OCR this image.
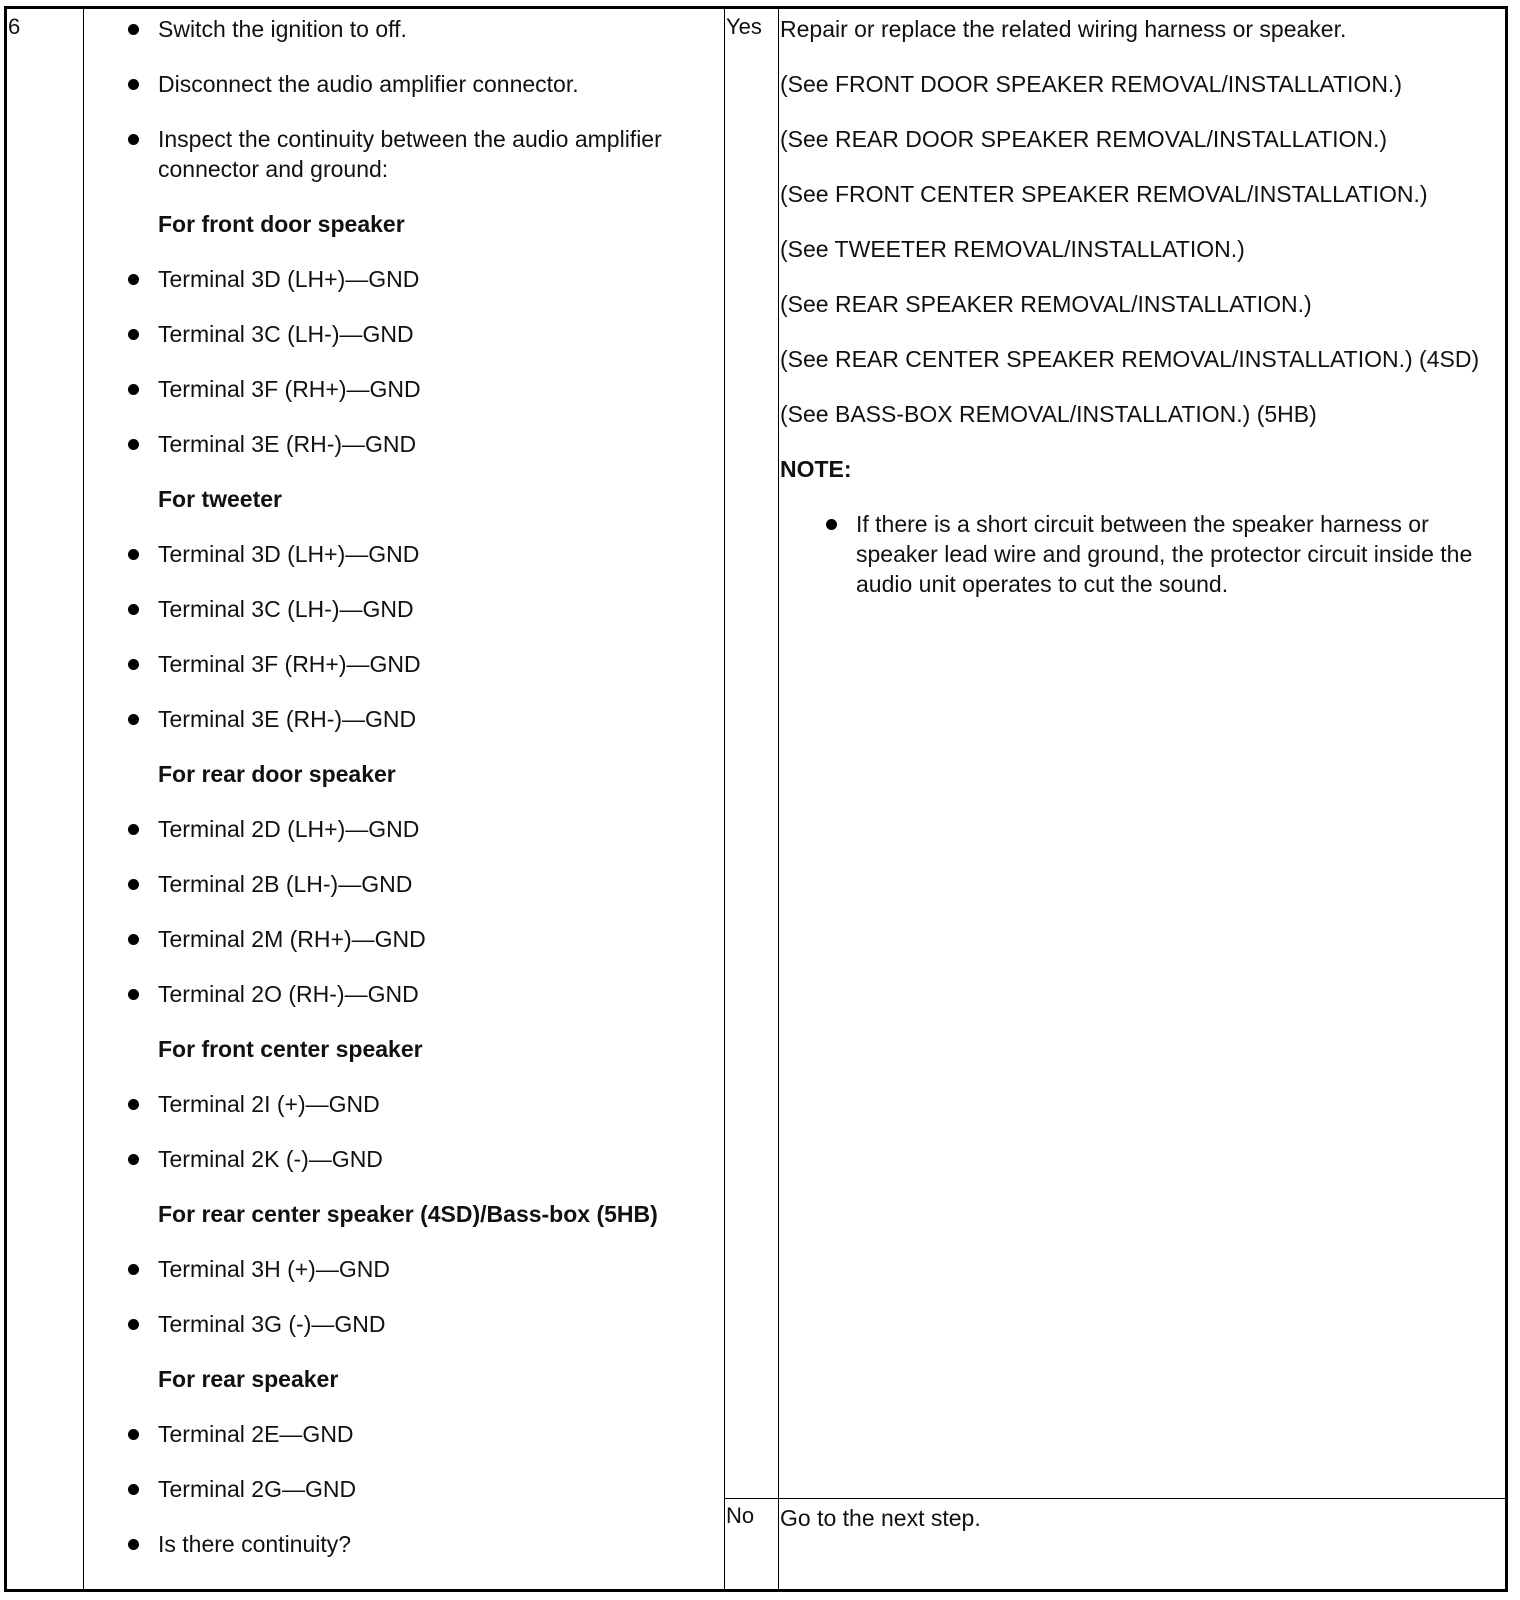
6	Switch the ignition to off.
Disconnect the audio amplifier connector.
Inspect the continuity between the audio amplifier connector and ground:
For front door speaker
Terminal 3D (LH+)—GND
Terminal 3C (LH-)—GND
Terminal 3F (RH+)—GND
Terminal 3E (RH-)—GND
For tweeter
Terminal 3D (LH+)—GND
Terminal 3C (LH-)—GND
Terminal 3F (RH+)—GND
Terminal 3E (RH-)—GND
For rear door speaker
Terminal 2D (LH+)—GND
Terminal 2B (LH-)—GND
Terminal 2M (RH+)—GND
Terminal 2O (RH-)—GND
For front center speaker
Terminal 2I (+)—GND
Terminal 2K (-)—GND
For rear center speaker (4SD)/Bass-box (5HB)
Terminal 3H (+)—GND
Terminal 3G (-)—GND
For rear speaker
Terminal 2E—GND
Terminal 2G—GND
Is there continuity?
Yes
No
Repair or replace the related wiring harness or speaker.
(See FRONT DOOR SPEAKER REMOVAL/INSTALLATION.)
(See REAR DOOR SPEAKER REMOVAL/INSTALLATION.)
(See FRONT CENTER SPEAKER REMOVAL/INSTALLATION.)
(See TWEETER REMOVAL/INSTALLATION.)
(See REAR SPEAKER REMOVAL/INSTALLATION.)
(See REAR CENTER SPEAKER REMOVAL/INSTALLATION.) (4SD)
(See BASS-BOX REMOVAL/INSTALLATION.) (5HB)
NOTE:
If there is a short circuit between the speaker harness or speaker lead wire and ground, the protector circuit inside the audio unit operates to cut the sound.
Go to the next step.
